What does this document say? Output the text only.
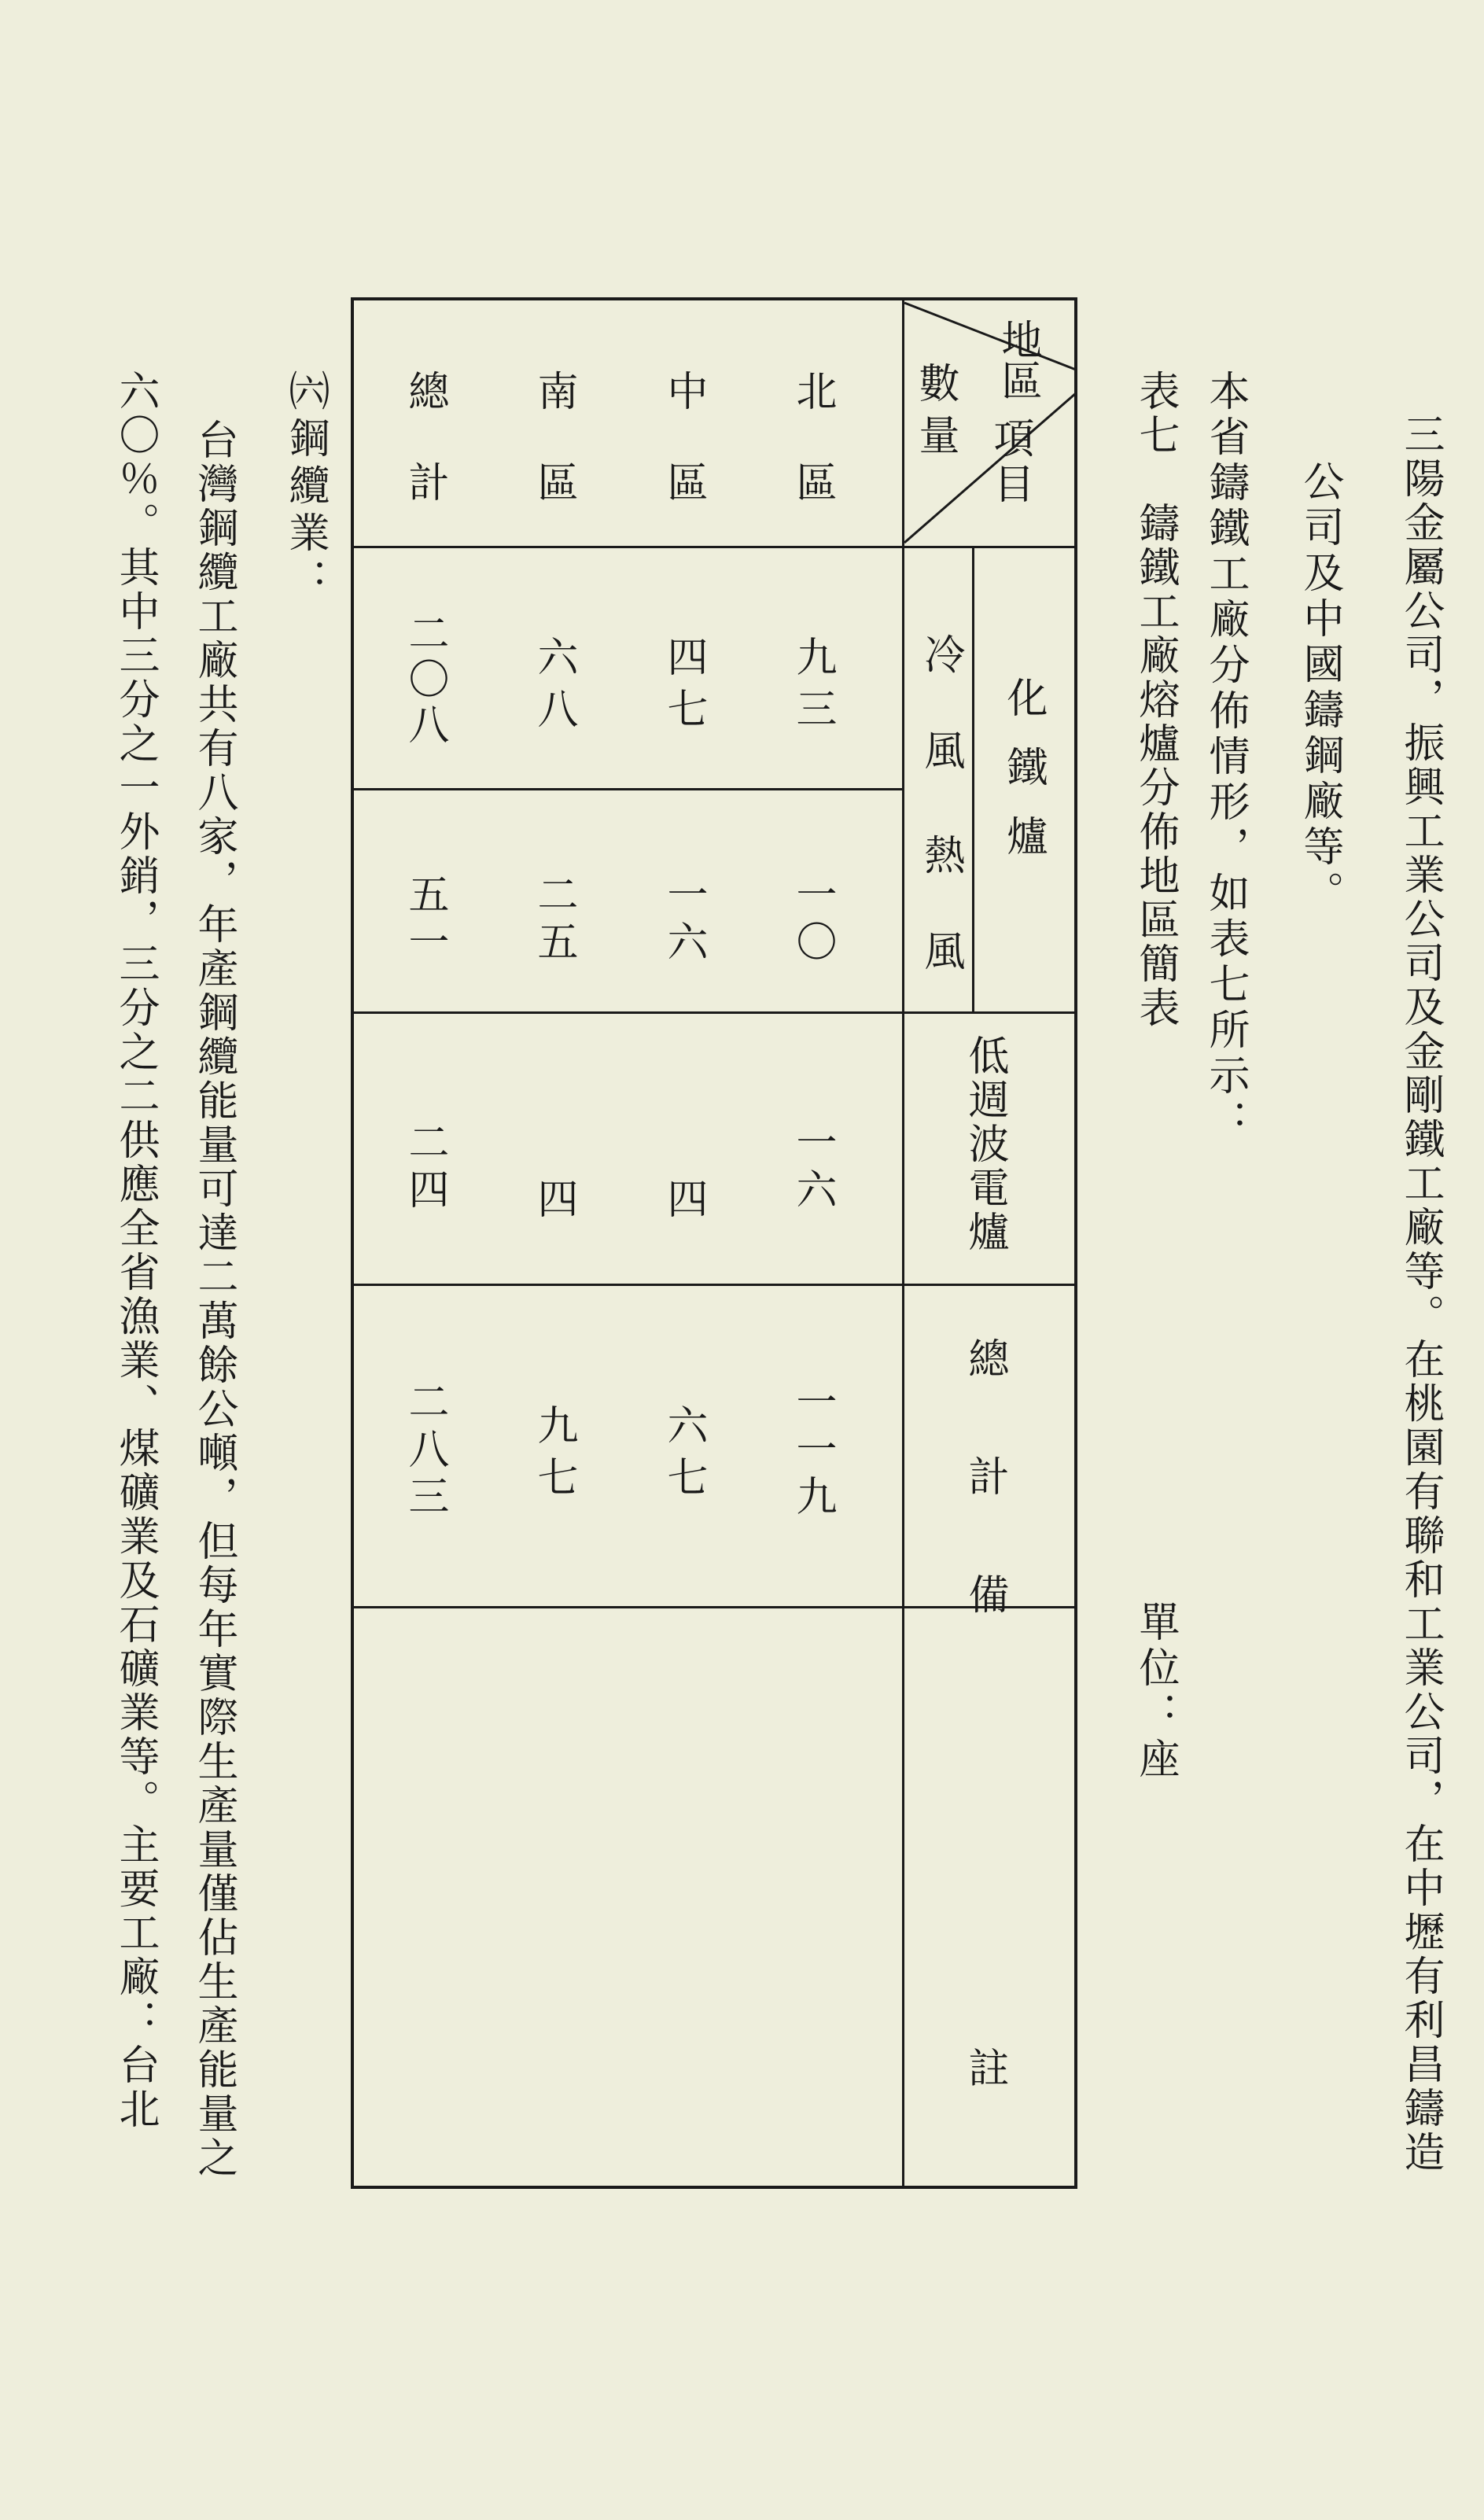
三陽金屬公司，振興工業公司及金剛鐵工廠等。在桃園有聯和工業公司，在中壢有利昌鑄造
公司及中國鑄鋼廠等。
本省鑄鐵工廠分佈情形，如表七所示：
表七　鑄鐵工廠熔爐分佈地區簡表
單位：座
地區
數量 項目
化鐵爐
冷風
熱風
低週波電爐
總計
備註
北區
九三
一〇
一六
一一九
中區
四七
一六
四
六七
南區
六八
二五
四
九七
總計
二〇八
五一
二四
二八三
㈥鋼纜業：
台灣鋼纜工廠共有八家，年產鋼纜能量可達二萬餘公噸，但每年實際生產量僅佔生產能量之
六〇％。其中三分之一外銷，三分之二供應全省漁業、煤礦業及石礦業等。主要工廠：台北
